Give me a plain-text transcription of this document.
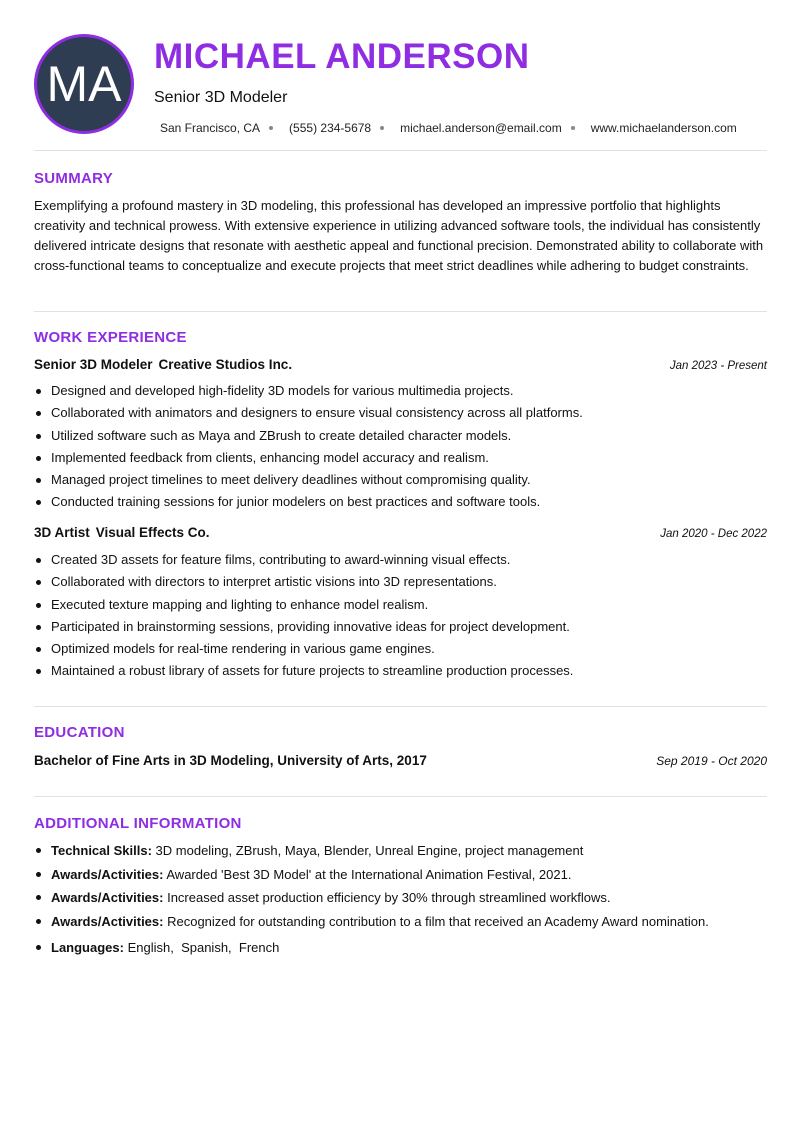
MA MICHAEL ANDERSON
Senior 3D Modeler
San Francisco, CA (555) 234-5678 michael.anderson@email.com www.michaelanderson.com
SUMMARY
Exemplifying a profound mastery in 3D modeling, this professional has developed an impressive portfolio that highlights creativity and technical prowess. With extensive experience in utilizing advanced software tools, the individual has consistently delivered intricate designs that resonate with aesthetic appeal and functional precision. Demonstrated ability to collaborate with cross-functional teams to conceptualize and execute projects that meet strict deadlines while adhering to budget constraints.
WORK EXPERIENCE
Senior 3D Modeler Creative Studios Inc.	Jan 2023 - Present
Designed and developed high-fidelity 3D models for various multimedia projects.
Collaborated with animators and designers to ensure visual consistency across all platforms.
Utilized software such as Maya and ZBrush to create detailed character models.
Implemented feedback from clients, enhancing model accuracy and realism.
Managed project timelines to meet delivery deadlines without compromising quality.
Conducted training sessions for junior modelers on best practices and software tools.
3D Artist Visual Effects Co.	Jan 2020 - Dec 2022
Created 3D assets for feature films, contributing to award-winning visual effects.
Collaborated with directors to interpret artistic visions into 3D representations.
Executed texture mapping and lighting to enhance model realism.
Participated in brainstorming sessions, providing innovative ideas for project development.
Optimized models for real-time rendering in various game engines.
Maintained a robust library of assets for future projects to streamline production processes.
EDUCATION
Bachelor of Fine Arts in 3D Modeling, University of Arts, 2017	Sep 2019 - Oct 2020
ADDITIONAL INFORMATION
Technical Skills: 3D modeling, ZBrush, Maya, Blender, Unreal Engine, project management
Awards/Activities: Awarded 'Best 3D Model' at the International Animation Festival, 2021.
Awards/Activities: Increased asset production efficiency by 30% through streamlined workflows.
Awards/Activities: Recognized for outstanding contribution to a film that received an Academy Award nomination.
Languages: English,  Spanish,  French
